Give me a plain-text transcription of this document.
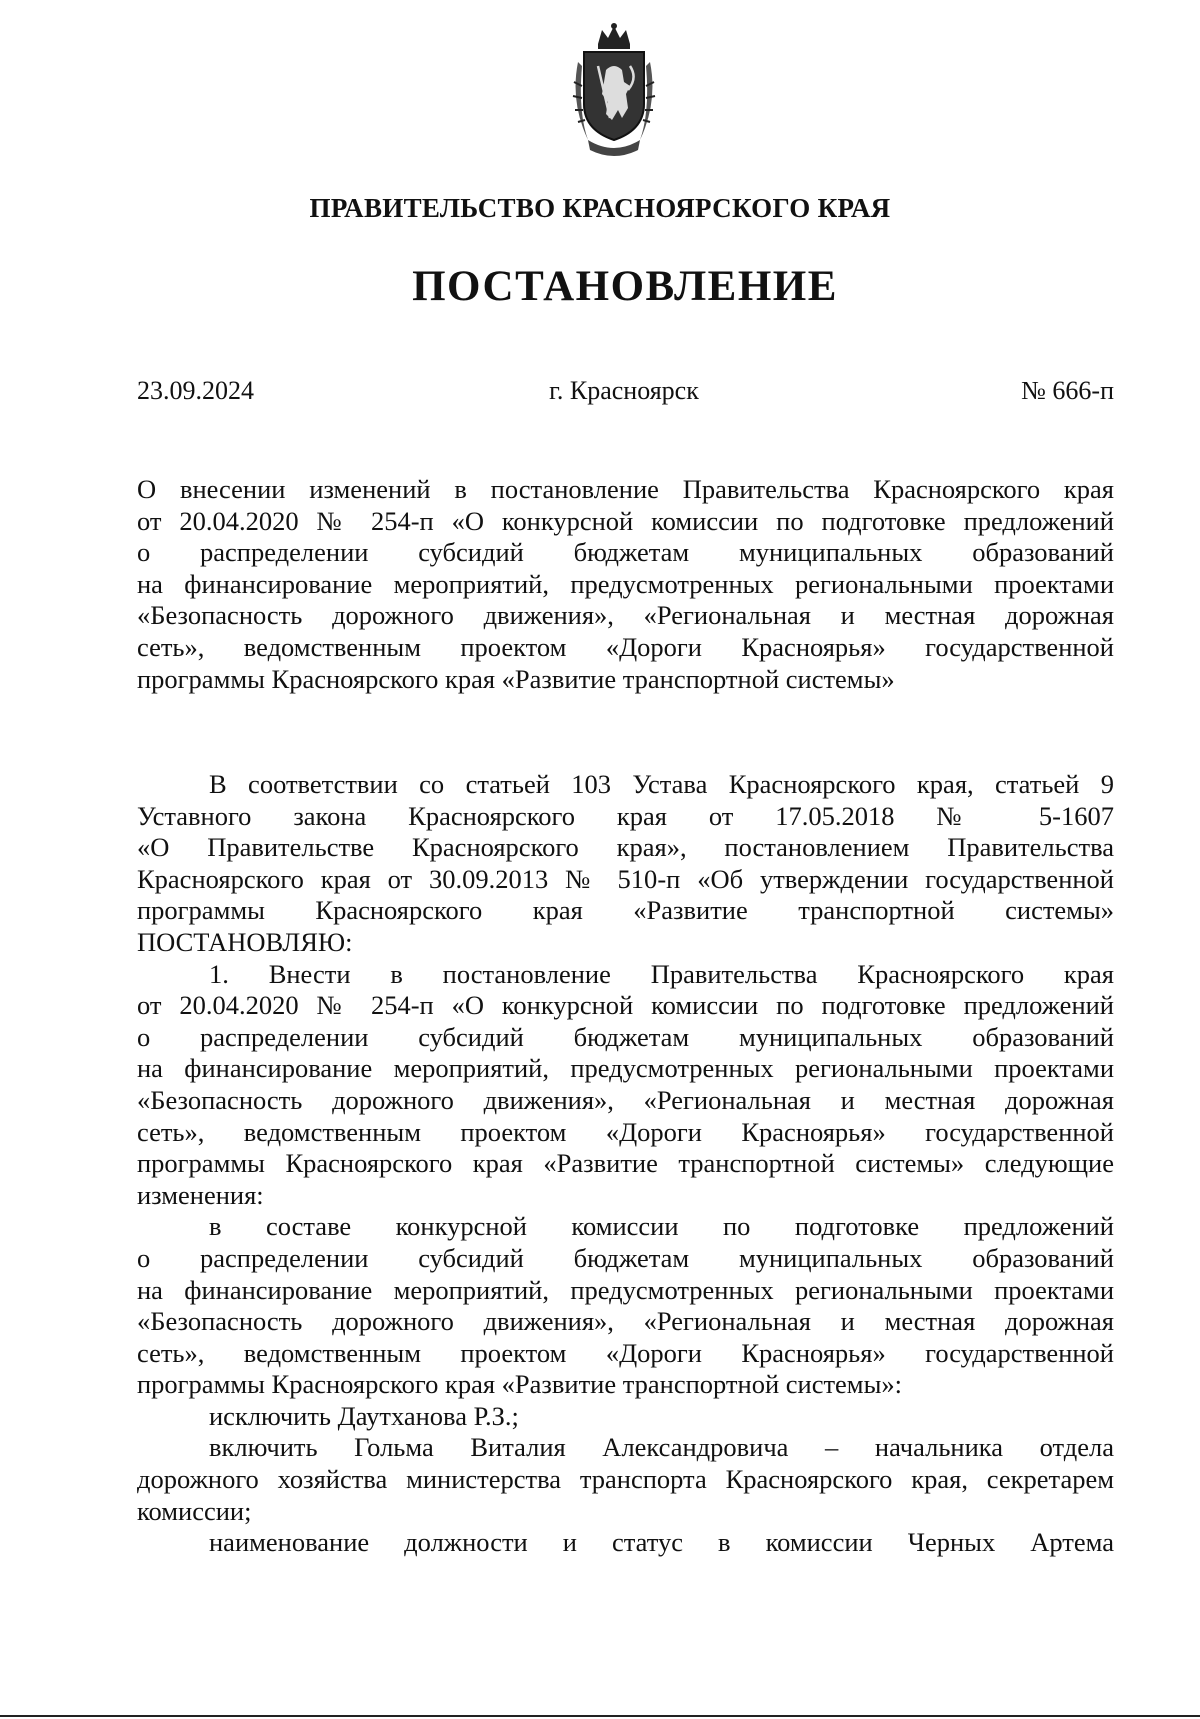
ПРАВИТЕЛЬСТВО КРАСНОЯРСКОГО КРАЯ
ПОСТАНОВЛЕНИЕ
23.09.2024	г. Красноярск	№ 666-п
О внесении изменений в постановление Правительства Красноярского края
от 20.04.2020 № 254-п «О конкурсной комиссии по подготовке предложений
о распределении субсидий бюджетам муниципальных образований
на финансирование мероприятий, предусмотренных региональными проектами
«Безопасность дорожного движения», «Региональная и местная дорожная
сеть», ведомственным проектом «Дороги Красноярья» государственной
программы Красноярского края «Развитие транспортной системы»
В соответствии со статьей 103 Устава Красноярского края, статьей 9
Уставного закона Красноярского края от 17.05.2018 № 5-1607
«О Правительстве Красноярского края», постановлением Правительства
Красноярского края от 30.09.2013 № 510-п «Об утверждении государственной
программы Красноярского края «Развитие транспортной системы»
ПОСТАНОВЛЯЮ:
1. Внести в постановление Правительства Красноярского края
от 20.04.2020 № 254-п «О конкурсной комиссии по подготовке предложений
о распределении субсидий бюджетам муниципальных образований
на финансирование мероприятий, предусмотренных региональными проектами
«Безопасность дорожного движения», «Региональная и местная дорожная
сеть», ведомственным проектом «Дороги Красноярья» государственной
программы Красноярского края «Развитие транспортной системы» следующие
изменения:
в составе конкурсной комиссии по подготовке предложений
о распределении субсидий бюджетам муниципальных образований
на финансирование мероприятий, предусмотренных региональными проектами
«Безопасность дорожного движения», «Региональная и местная дорожная
сеть», ведомственным проектом «Дороги Красноярья» государственной
программы Красноярского края «Развитие транспортной системы»:
исключить Даутханова Р.З.;
включить Гольма Виталия Александровича – начальника отдела
дорожного хозяйства министерства транспорта Красноярского края, секретарем
комиссии;
наименование должности и статус в комиссии Черных Артема
